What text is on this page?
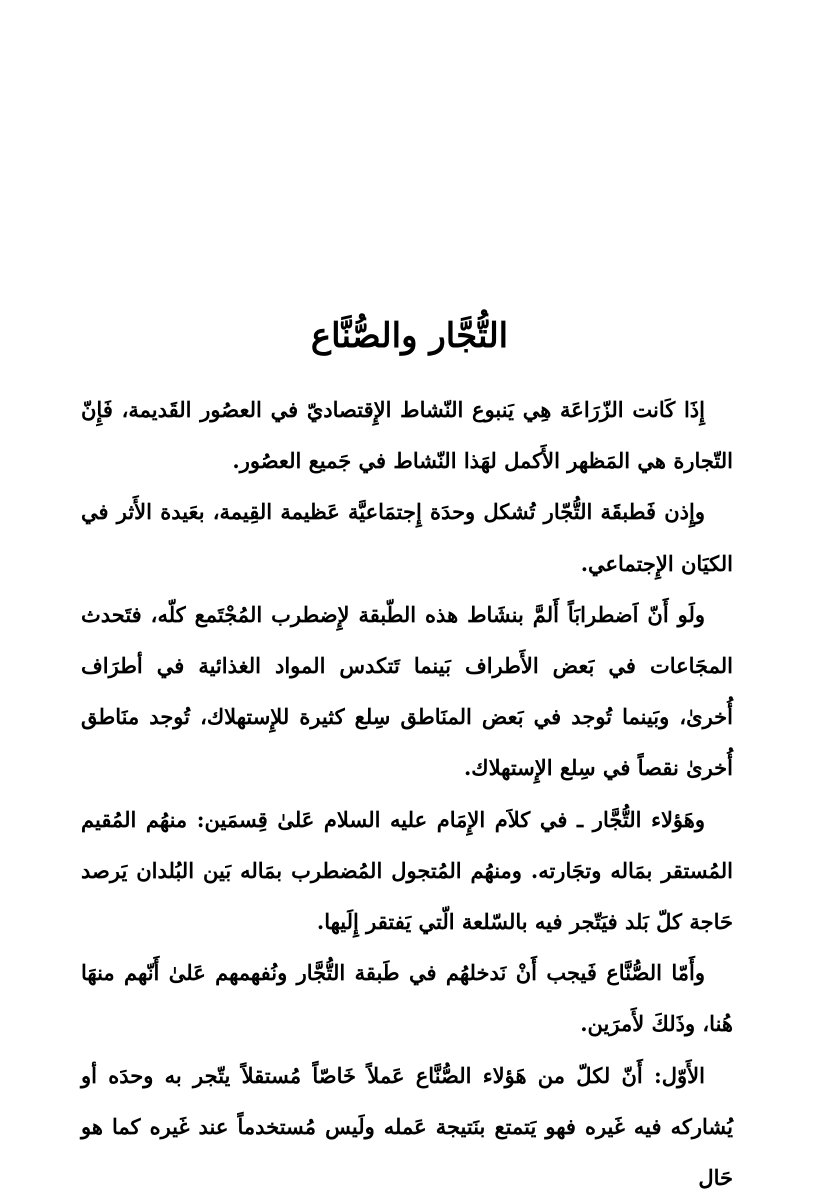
التُّجَّار والصُّنَّاع

إِذَا كَانت الزّرَاعَة هِي يَنبوع النّشاط الإِقتصاديّ في العصُور القَديمة، فَإِنّ التّجارة هي المَظهر الأَكمل لهَذا النّشاط في جَميع العصُور.

وإِذن فَطبقَة التُّجّار تُشكل وحدَة إِجتمَاعيَّة عَظيمة القِيمة، بعَيدة الأَثر في الكيَان الإِجتماعي.

ولَو أَنّ اَضطرابَاً أَلمَّ بنشَاط هذه الطّبقة لإِضطرب المُجْتَمع كلّه، فتَحدث المجَاعات في بَعض الأَطراف بَينما تَتكدس المواد الغذائية في أطرَاف أُخرىٰ، وبَينما تُوجد في بَعض المنَاطق سِلع كثيرة للإِستهلاك، تُوجد منَاطق أُخرىٰ نقصاً في سِلع الإِستهلاك.

وهَؤلاء التُّجَّار ـ في كلاَم الإِمَام عليه السلام عَلىٰ قِسمَين: منهُم المُقيم المُستقر بمَاله وتجَارته. ومنهُم المُتجول المُضطرب بمَاله بَين البُلدان يَرصد حَاجة كلّ بَلد فيَتّجر فيه بالسّلعة الّتي يَفتقر إِلَيها.

وأَمّا الصُّنَّاع فَيجب أَنْ نَدخلهُم في طَبقة التُّجَّار ونُفهمهم عَلىٰ أَنّهم منهَا هُنا، وذَلكَ لأَمرَين.

الأَوّل: أَنّ لكلّ من هَؤلاء الصُّنَّاع عَملاً خَاصّاً مُستقلاً يتّجر به وحدَه أو يُشاركه فيه غَيره فهو يَتمتع بنَتيجة عَمله ولَيس مُستخدماً عند غَيره كما هو حَال
